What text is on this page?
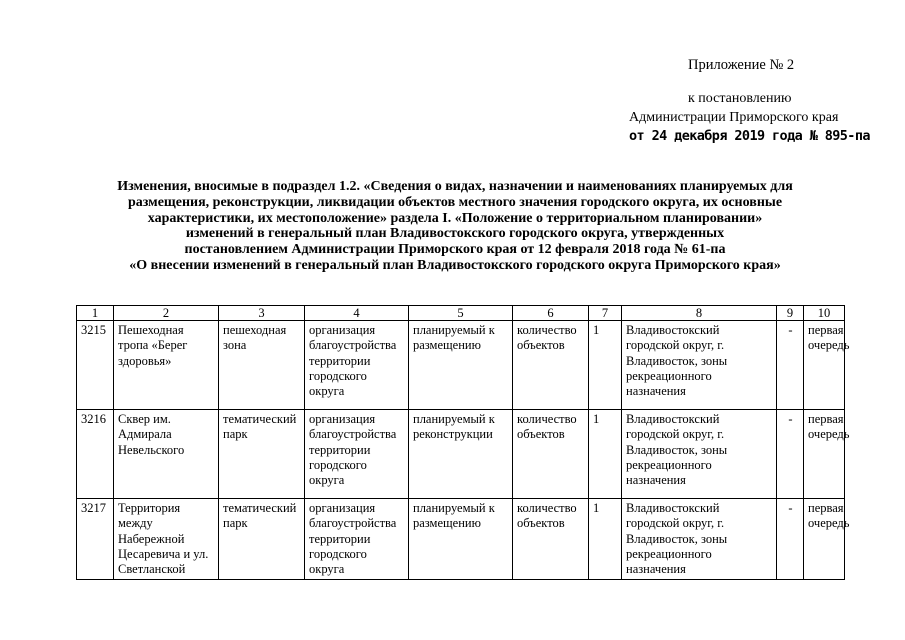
Приложение № 2
к постановлению
Администрации Приморского края
от 24 декабря 2019 года № 895-па
Изменения, вносимые в подраздел 1.2. «Сведения о видах, назначении и наименованиях планируемых для
размещения, реконструкции, ликвидации объектов местного значения городского округа, их основные
характеристики, их местоположение» раздела I. «Положение о территориальном планировании»
изменений в генеральный план Владивостокского городского округа, утвержденных
постановлением Администрации Приморского края от 12 февраля 2018 года № 61-па
«О внесении изменений в генеральный план Владивостокского городского округа Приморского края»
1	2	3	4	5	6	7	8	9	10
3215	Пешеходная тропа «Берег здоровья»	пешеходная зона	организация благоустройства территории городского округа	планируемый к размещению	количество объектов	1	Владивостокский городской округ, г. Владивосток, зоны рекреационного назначения	-	первая очередь
3216	Сквер им. Адмирала Невельского	тематический парк	организация благоустройства территории городского округа	планируемый к реконструкции	количество объектов	1	Владивостокский городской округ, г. Владивосток, зоны рекреационного назначения	-	первая очередь
3217	Территория между Набережной Цесаревича и ул. Светланской	тематический парк	организация благоустройства территории городского округа	планируемый к размещению	количество объектов	1	Владивостокский городской округ, г. Владивосток, зоны рекреационного назначения	-	первая очередь
